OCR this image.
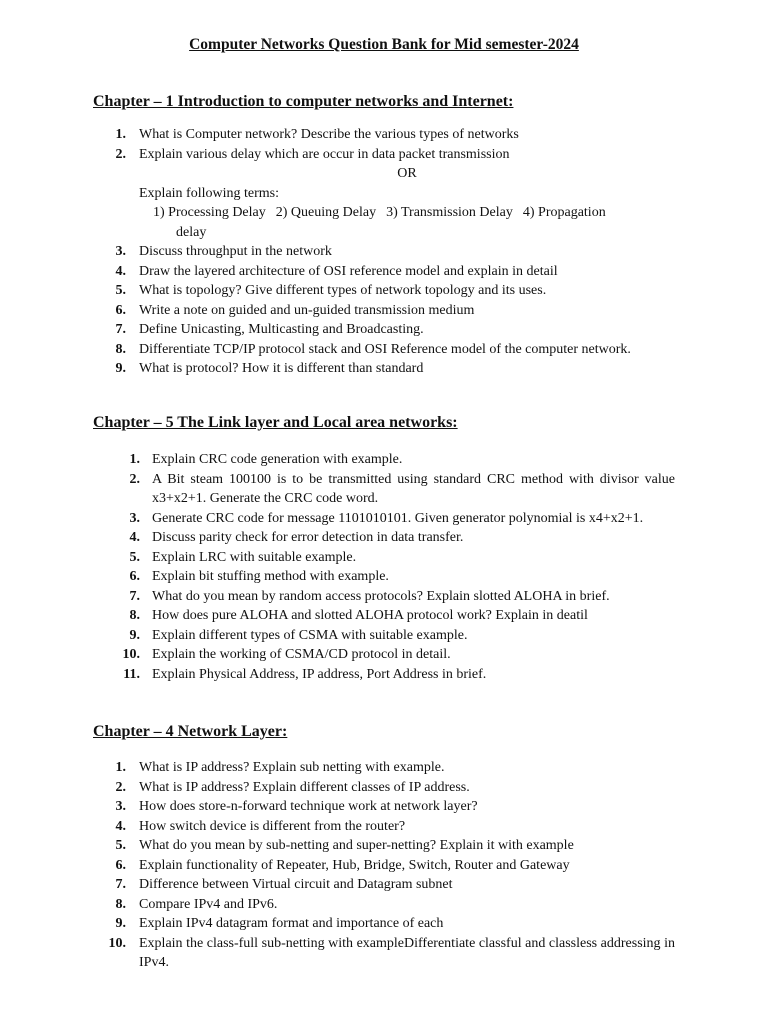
Computer Networks Question Bank for Mid semester-2024
Chapter – 1 Introduction to computer networks and Internet:
1. What is Computer network? Describe the various types of networks
2. Explain various delay which are occur in data packet transmission
OR
Explain following terms:
1) Processing Delay 2) Queuing Delay 3) Transmission Delay 4) Propagation
delay
3. Discuss throughput in the network
4. Draw the layered architecture of OSI reference model and explain in detail
5. What is topology? Give different types of network topology and its uses.
6. Write a note on guided and un-guided transmission medium
7. Define Unicasting, Multicasting and Broadcasting.
8. Differentiate TCP/IP protocol stack and OSI Reference model of the computer network.
9. What is protocol? How it is different than standard
Chapter – 5 The Link layer and Local area networks:
1. Explain CRC code generation with example.
2. A Bit steam 100100 is to be transmitted using standard CRC method with divisor value x3+x2+1. Generate the CRC code word.
3. Generate CRC code for message 1101010101. Given generator polynomial is x4+x2+1.
4. Discuss parity check for error detection in data transfer.
5. Explain LRC with suitable example.
6. Explain bit stuffing method with example.
7. What do you mean by random access protocols? Explain slotted ALOHA in brief.
8. How does pure ALOHA and slotted ALOHA protocol work? Explain in deatil
9. Explain different types of CSMA with suitable example.
10. Explain the working of CSMA/CD protocol in detail.
11. Explain Physical Address, IP address, Port Address in brief.
Chapter – 4 Network Layer:
1. What is IP address? Explain sub netting with example.
2. What is IP address? Explain different classes of IP address.
3. How does store-n-forward technique work at network layer?
4. How switch device is different from the router?
5. What do you mean by sub-netting and super-netting? Explain it with example
6. Explain functionality of Repeater, Hub, Bridge, Switch, Router and Gateway
7. Difference between Virtual circuit and Datagram subnet
8. Compare IPv4 and IPv6.
9. Explain IPv4 datagram format and importance of each
10. Explain the class-full sub-netting with exampleDifferentiate classful and classless addressing in IPv4.
